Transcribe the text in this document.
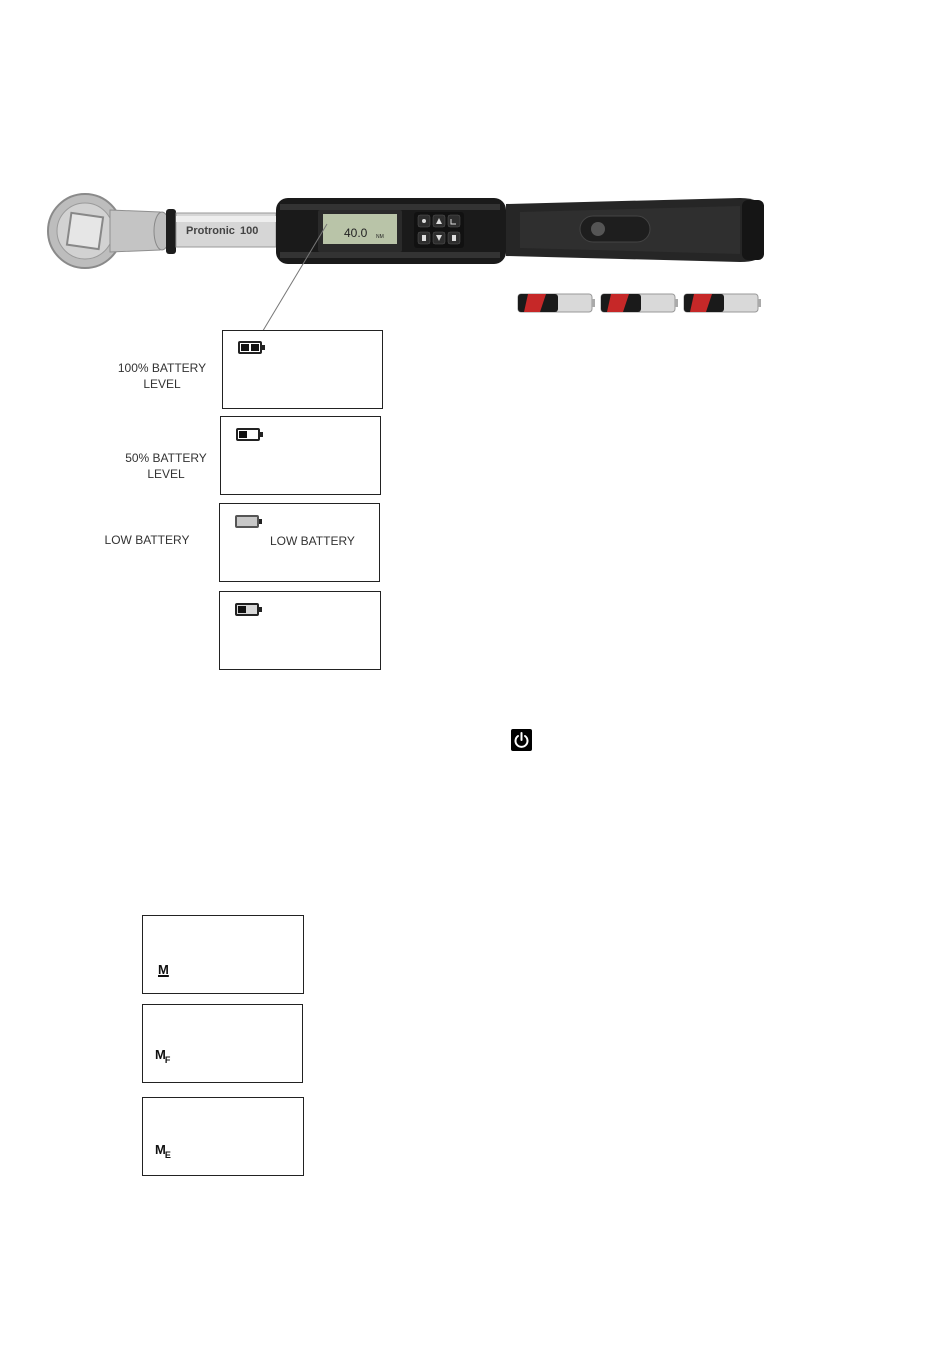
Protronic 100	40.0 NM
100% BATTERY LEVEL
50% BATTERY LEVEL
LOW BATTERY	LOW BATTERY
M
$M_F$
$M_E$
